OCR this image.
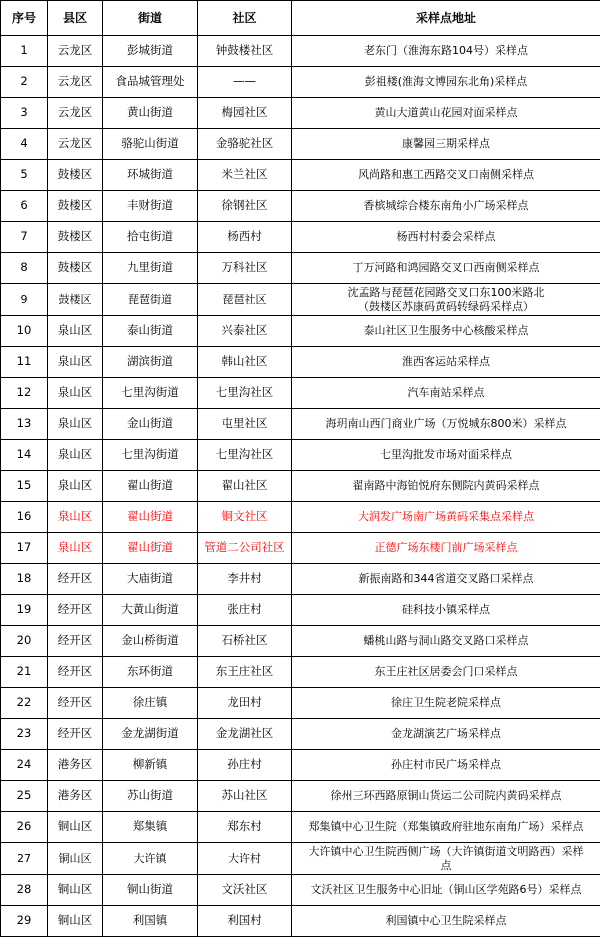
序号	县区	街道	社区	采样点地址
1	云龙区	彭城街道	钟鼓楼社区	老东门（淮海东路104号）采样点

2	云龙区	食品城管理处	——	彭祖楼(淮海文博园东北角)采样点

3	云龙区	黄山街道	梅园社区	黄山大道黄山花园对面采样点

4	云龙区	骆驼山街道	金骆驼社区	康馨园三期采样点

5	鼓楼区	环城街道	米兰社区	风尚路和惠工西路交叉口南侧采样点

6	鼓楼区	丰财街道	徐钢社区	香槟城综合楼东南角小广场采样点

7	鼓楼区	拾屯街道	杨西村	杨西村村委会采样点

8	鼓楼区	九里街道	万科社区	丁万河路和鸿园路交叉口西南侧采样点

9	鼓楼区	琵琶街道	琵琶社区	沈孟路与琵琶花园路交叉口东100米路北
（鼓楼区苏康码黄码转绿码采样点）

10	泉山区	泰山街道	兴泰社区	泰山社区卫生服务中心核酸采样点

11	泉山区	湖滨街道	韩山社区	淮西客运站采样点

12	泉山区	七里沟街道	七里沟社区	汽车南站采样点

13	泉山区	金山街道	屯里社区	海玥南山西门商业广场（万悦城东800米）采样点

14	泉山区	七里沟街道	七里沟社区	七里沟批发市场对面采样点

15	泉山区	翟山街道	翟山社区	翟南路中海铂悦府东侧院内黄码采样点

16	泉山区	翟山街道	铜文社区	大润发广场南广场黄码采集点采样点

17	泉山区	翟山街道	管道二公司社区	正德广场东楼门前广场采样点

18	经开区	大庙街道	李井村	新振南路和344省道交叉路口采样点

19	经开区	大黄山街道	张庄村	硅科技小镇采样点

20	经开区	金山桥街道	石桥社区	蟠桃山路与洞山路交叉路口采样点

21	经开区	东环街道	东王庄社区	东王庄社区居委会门口采样点

22	经开区	徐庄镇	龙田村	徐庄卫生院老院采样点

23	经开区	金龙湖街道	金龙湖社区	金龙湖演艺广场采样点

24	港务区	柳新镇	孙庄村	孙庄村市民广场采样点

25	港务区	苏山街道	苏山社区	徐州三环西路原铜山货运二公司院内黄码采样点

26	铜山区	郑集镇	郑东村	郑集镇中心卫生院（郑集镇政府驻地东南角广场）采样点

27	铜山区	大许镇	大许村	大许镇中心卫生院西侧广场（大许镇街道文明路西）采样
点

28	铜山区	铜山街道	文沃社区	文沃社区卫生服务中心旧址（铜山区学苑路6号）采样点

29	铜山区	利国镇	利国村	利国镇中心卫生院采样点
